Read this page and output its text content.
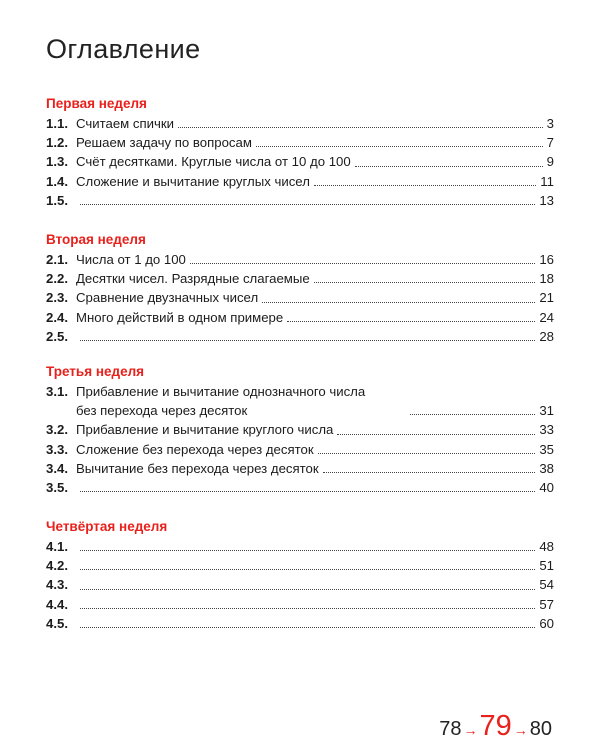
Оглавление
Первая неделя
1.1. Считаем спички	3
1.2. Решаем задачу по вопросам	7
1.3. Счёт десятками. Круглые числа от 10 до 100	9
1.4. Сложение и вычитание круглых чисел	11
1.5.	13
Вторая неделя
2.1. Числа от 1 до 100	16
2.2. Десятки чисел. Разрядные слагаемые	18
2.3. Сравнение двузначных чисел	21
2.4. Много действий в одном примере	24
2.5.	28
Третья неделя
3.1. Прибавление и вычитание однозначного числа
без перехода через десяток	31
3.2. Прибавление и вычитание круглого числа	33
3.3. Сложение без перехода через десяток	35
3.4. Вычитание без перехода через десяток	38
3.5.	40
Четвёртая неделя
4.1.	48
4.2.	51
4.3.	54
4.4.	57
4.5.	60
78 → 79 → 80
